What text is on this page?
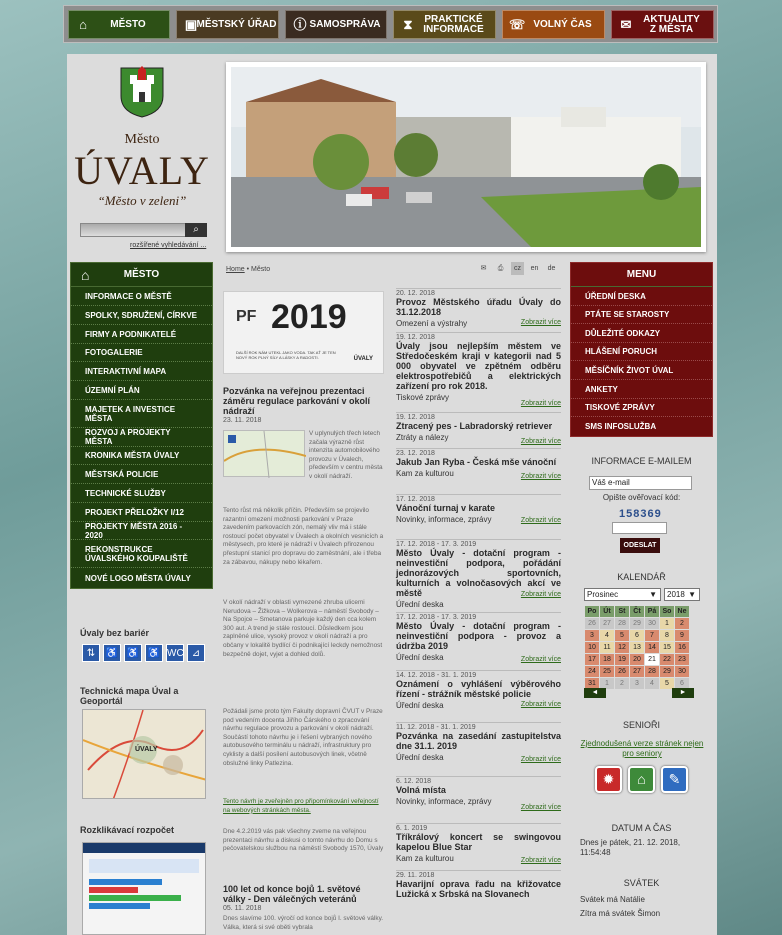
⌂	MĚSTO	▣ MĚSTSKÝ ÚŘAD ⓘ SAMOSPRÁVA ⧗	PRAKTICKÉ INFORMACE ☏ VOLNÝ ČAS ✉	AKTUALITY Z MĚSTA
Město
ÚVALY
“Město v zeleni”
⌕
rozšířené vyhledávání ...
⌂	MĚSTO
INFORMACE O MĚSTĚ
SPOLKY, SDRUŽENÍ, CÍRKVE
FIRMY A PODNIKATELÉ
FOTOGALERIE
INTERAKTIVNÍ MAPA
ÚZEMNÍ PLÁN
MAJETEK A INVESTICE MĚSTA
ROZVOJ A PROJEKTY MĚSTA
KRONIKA MĚSTA ÚVALY
MĚSTSKÁ POLICIE
TECHNICKÉ SLUŽBY
PROJEKT PŘELOŽKY I/12
PROJEKTY MĚSTA 2016 - 2020
REKONSTRUKCE ÚVALSKÉHO KOUPALIŠTĚ
NOVÉ LOGO MĚSTA ÚVALY
Úvaly bez bariér
⇅	♿ ♿ ♿ WC ⊿
Technická mapa Úval a Geoportál
ÚVALY
Rozklikávací rozpočet
Home • Město	✉	⎙	cz	en	de
PF 2019
DALŠÍ ROK NÁM UTEKL JAKO VODA. TAK AŤ JE TEN NOVÝ ROK PLNÝ SÍLY A LÁSKY A RADOSTI.	ÚVALY
Pozvánka na veřejnou prezentaci záměru regulace parkování v okolí nádraží
23. 11. 2018
V uplynulých třech letech začala výrazně růst intenzita automobilového provozu v Úvalech, především v centru města v okolí nádraží.
Tento růst má několik příčin. Především se projevilo razantní omezení možnosti parkování v Praze zavedením parkovacích zón, nemalý vliv má i stále rostoucí počet obyvatel v Úvalech a okolních vesnicích a městysech, pro které je nádraží v Úvalech přirozenou přestupní stanicí pro dopravu do zaměstnání, ale i třeba za zábavou, nákupy nebo lékařem.
V okolí nádraží v oblasti vymezené zhruba ulicemi Nerudova – Žižkova – Wolkerova – náměstí Svobody – Na Spojce – Smetanova parkuje každý den cca kolem 300 aut. A trend je stále rostoucí. Důsledkem jsou zaplněné ulice, vysoký provoz v okolí nádraží a pro občany v lokalitě bydlící či podnikající leckdy nemožnost bezpečně dojet, vyjet a dohled dolů.
Požádali jsme proto tým Fakulty dopravní ČVUT v Praze pod vedením docenta Jiřího Čárského o zpracování návrhu regulace provozu a parkování v okolí nádraží. Součástí tohoto návrhu je i řešení vybraných nového autobusového terminálu u nádraží, infrastruktury pro cyklisty a další posílení autobusových linek, včetně obslužné linky Patlezina.
Tento návrh je zveřejněn pro připomínkování veřejností na webových stránkách města.
Dne 4.2.2019 vás pak všechny zveme na veřejnou prezentaci návrhu a diskusi o tomto návrhu do Domu s pečovatelskou službou na náměstí Svobody 1570, Úvaly
100 let od konce bojů 1. světové války - Den válečných veteránů
05. 11. 2018
Dnes slavíme 100. výročí od konce bojů I. světové války. Válka, která si své oběti vybrala
20. 12. 2018
Provoz Městského úřadu Úvaly do 31.12.2018
Omezení a výstrahy	Zobrazit více
19. 12. 2018
Úvaly jsou nejlepším městem ve Středočeském kraji v kategorii nad 5 000 obyvatel ve zpětném odběru elektrospotřebičů a elektrických zařízení pro rok 2018.
Tiskové zprávy
Zobrazit více
19. 12. 2018
Ztracený pes - Labradorský retriever
Ztráty a nálezy	Zobrazit více
23. 12. 2018
Jakub Jan Ryba - Česká mše vánoční
Kam za kulturou	Zobrazit více
17. 12. 2018
Vánoční turnaj v karate
Novinky, informace, zprávy	Zobrazit více
17. 12. 2018 - 17. 3. 2019
Město Úvaly - dotační program - neinvestiční podpora, pořádání jednorázových sportovních, kulturních a volnočasových akcí ve městě
Úřední deska
Zobrazit více
17. 12. 2018 - 17. 3. 2019
Město Úvaly - dotační program - neinvestiční podpora - provoz a údržba 2019
Úřední deska	Zobrazit více
14. 12. 2018 - 31. 1. 2019
Oznámení o vyhlášení výběrového řízení - strážník městské policie
Úřední deska	Zobrazit více
11. 12. 2018 - 31. 1. 2019
Pozvánka na zasedání zastupitelstva dne 31.1. 2019
Úřední deska	Zobrazit více
6. 12. 2018
Volná místa
Novinky, informace, zprávy
Zobrazit více
6. 1. 2019
Tříkrálový koncert se swingovou kapelou Blue Star
Kam za kulturou	Zobrazit více
29. 11. 2018
Havarijní oprava řadu na křižovatce Lužická x Srbská na Slovanech
MENU
ÚŘEDNÍ DESKA
PTÁTE SE STAROSTY
DŮLEŽITÉ ODKAZY
HLÁŠENÍ PORUCH
MĚSÍČNÍK ŽIVOT ÚVAL
ANKETY
TISKOVÉ ZPRÁVY
SMS INFOSLUŽBA
INFORMACE E-MAILEM
Váš e-mail
Opište ověřovací kód:
158369
ODESLAT
KALENDÁŘ
Prosinec	▼	2018 ▼
Po	Út	St	Čt	Pá	So	Ne
26	27	28	29	30	1	2
3	4	5	6	7	8	9
10	11	12	13	14	15	16
17	18	19	20	21	22	23
24	25	26	27	28	29	30
31	1	2	3	4	5	6
◄	►
SENIOŘI
Zjednodušená verze stránek nejen pro seniory
✹	⌂	✎
DATUM A ČAS
Dnes je pátek, 21. 12. 2018,
11:54:48
SVÁTEK
Svátek má Natálie
Zítra má svátek Šimon
